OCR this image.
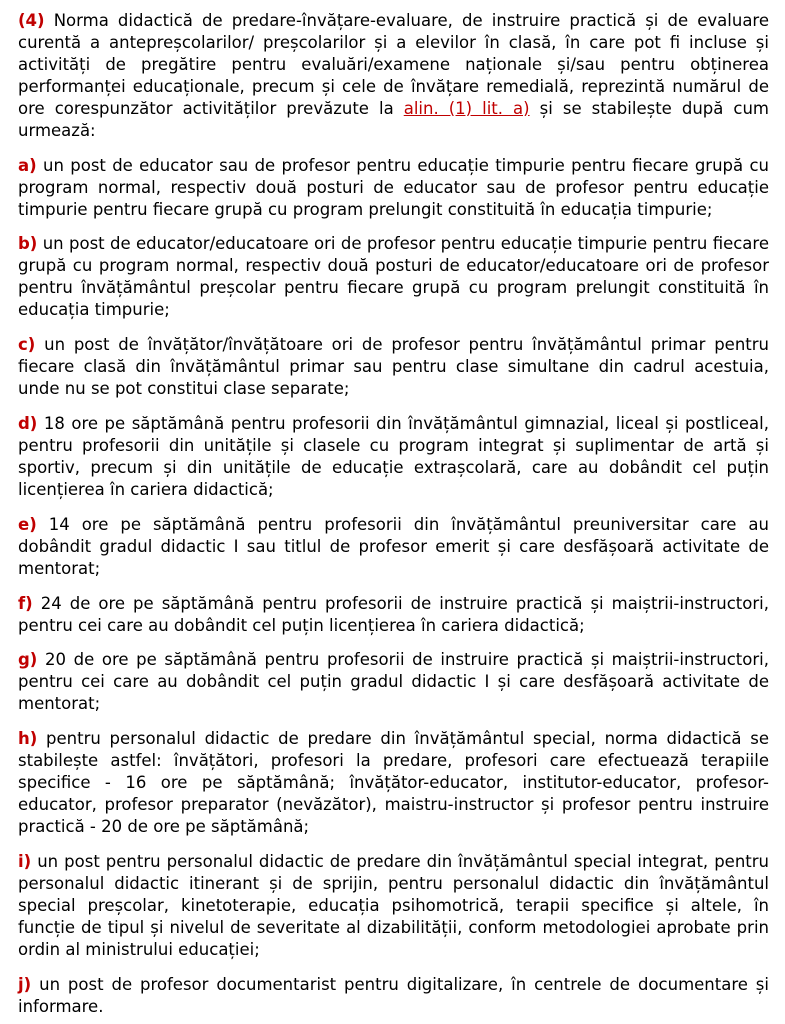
(4) Norma didactică de predare-învățare-evaluare, de instruire practică și de evaluare curentă a antepreșcolarilor/ preșcolarilor și a elevilor în clasă, în care pot fi incluse și activități de pregătire pentru evaluări/examene naționale și/sau pentru obținerea performanței educaționale, precum și cele de învățare remedială, reprezintă numărul de ore corespunzător activităților prevăzute la alin. (1) lit. a) și se stabilește după cum urmează:

a) un post de educator sau de profesor pentru educație timpurie pentru fiecare grupă cu program normal, respectiv două posturi de educator sau de profesor pentru educație timpurie pentru fiecare grupă cu program prelungit constituită în educația timpurie;

b) un post de educator/educatoare ori de profesor pentru educație timpurie pentru fiecare grupă cu program normal, respectiv două posturi de educator/educatoare ori de profesor pentru învățământul preșcolar pentru fiecare grupă cu program prelungit constituită în educația timpurie;

c) un post de învățător/învățătoare ori de profesor pentru învățământul primar pentru fiecare clasă din învățământul primar sau pentru clase simultane din cadrul acestuia, unde nu se pot constitui clase separate;

d) 18 ore pe săptămână pentru profesorii din învățământul gimnazial, liceal și postliceal, pentru profesorii din unitățile și clasele cu program integrat și suplimentar de artă și sportiv, precum și din unitățile de educație extrașcolară, care au dobândit cel puțin licențierea în cariera didactică;

e) 14 ore pe săptămână pentru profesorii din învățământul preuniversitar care au dobândit gradul didactic I sau titlul de profesor emerit și care desfășoară activitate de mentorat;

f) 24 de ore pe săptămână pentru profesorii de instruire practică și maiștrii-instructori, pentru cei care au dobândit cel puțin licențierea în cariera didactică;

g) 20 de ore pe săptămână pentru profesorii de instruire practică și maiștrii-instructori, pentru cei care au dobândit cel puțin gradul didactic I și care desfășoară activitate de mentorat;

h) pentru personalul didactic de predare din învățământul special, norma didactică se stabilește astfel: învățători, profesori la predare, profesori care efectuează terapiile specifice - 16 ore pe săptămână; învățător-educator, institutor-educator, profesor-educator, profesor preparator (nevăzător), maistru-instructor și profesor pentru instruire practică - 20 de ore pe săptămână;

i) un post pentru personalul didactic de predare din învățământul special integrat, pentru personalul didactic itinerant și de sprijin, pentru personalul didactic din învățământul special preșcolar, kinetoterapie, educația psihomotrică, terapii specifice și altele, în funcție de tipul și nivelul de severitate al dizabilității, conform metodologiei aprobate prin ordin al ministrului educației;

j) un post de profesor documentarist pentru digitalizare, în centrele de documentare și informare.
